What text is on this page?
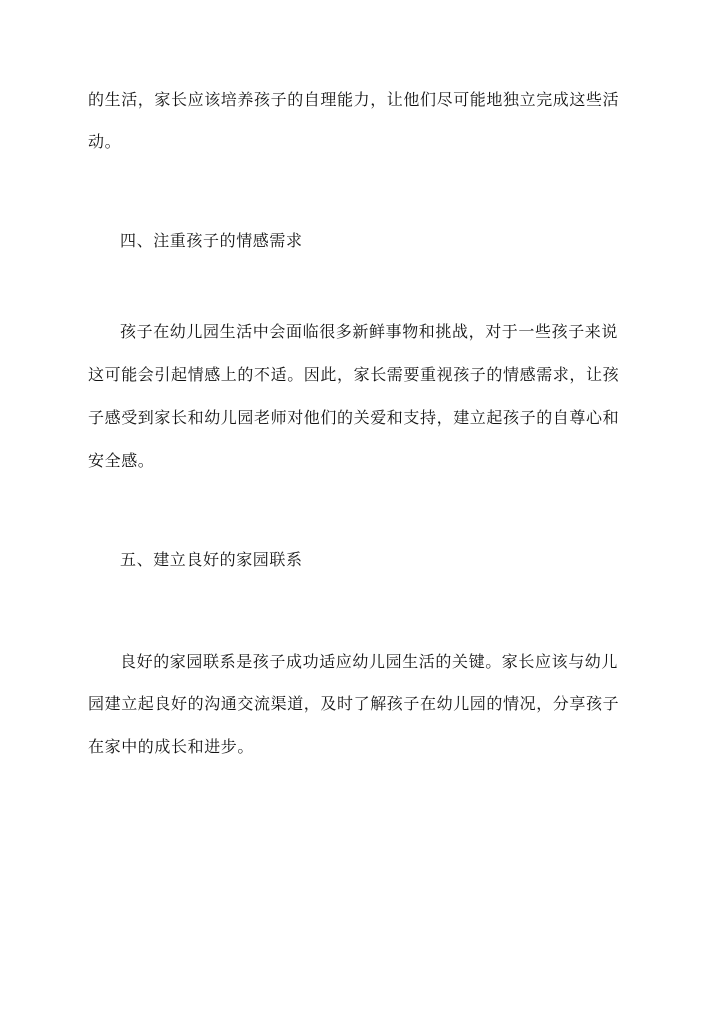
的生活，家长应该培养孩子的自理能力，让他们尽可能地独立完成这些活
动。
四、注重孩子的情感需求
孩子在幼儿园生活中会面临很多新鲜事物和挑战，对于一些孩子来说
这可能会引起情感上的不适。因此，家长需要重视孩子的情感需求，让孩
子感受到家长和幼儿园老师对他们的关爱和支持，建立起孩子的自尊心和
安全感。
五、建立良好的家园联系
良好的家园联系是孩子成功适应幼儿园生活的关键。家长应该与幼儿
园建立起良好的沟通交流渠道，及时了解孩子在幼儿园的情况，分享孩子
在家中的成长和进步。
